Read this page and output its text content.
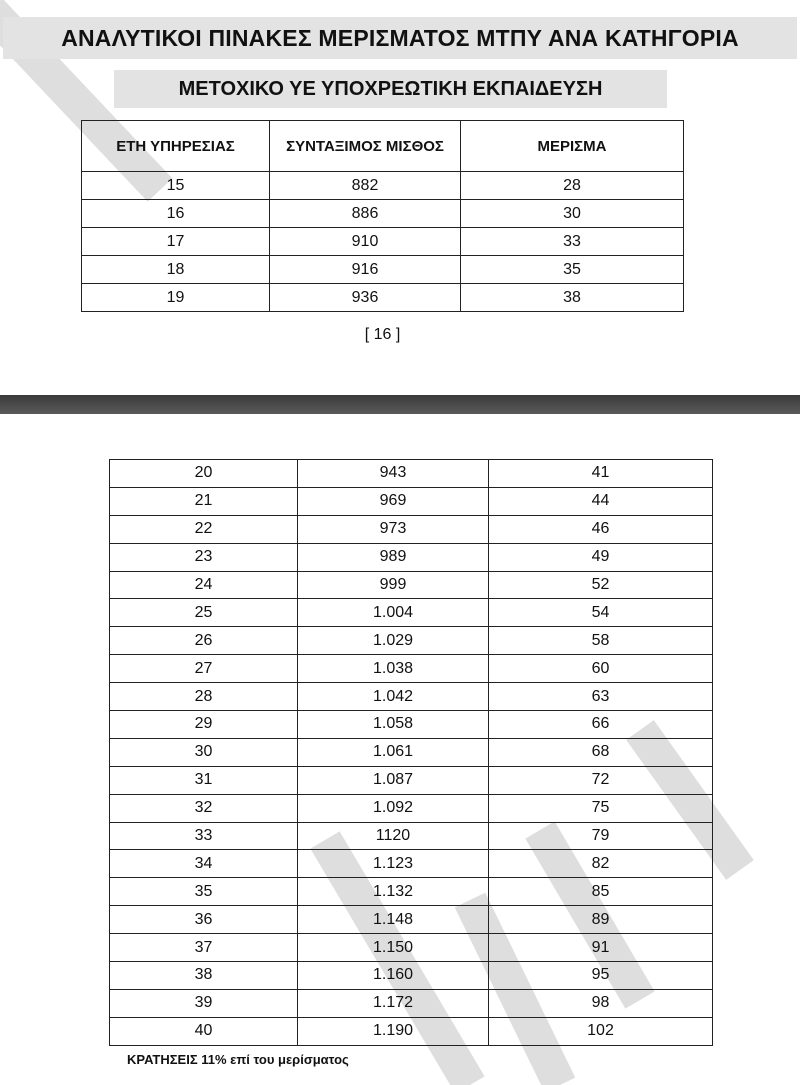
ΑΝΑΛΥΤΙΚΟΙ ΠΙΝΑΚΕΣ ΜΕΡΙΣΜΑΤΟΣ ΜΤΠΥ ΑΝΑ ΚΑΤΗΓΟΡΙΑ
ΜΕΤΟΧΙΚΟ ΥΕ ΥΠΟΧΡΕΩΤΙΚΗ ΕΚΠΑΙΔΕΥΣΗ
ΕΤΗ ΥΠΗΡΕΣΙΑΣ	ΣΥΝΤΑΞΙΜΟΣ ΜΙΣΘΟΣ	ΜΕΡΙΣΜΑ
15	882	28
16	886	30
17	910	33
18	916	35
19	936	38
[ 16 ]
20	943	41
21	969	44
22	973	46
23	989	49
24	999	52
25	1.004	54
26	1.029	58
27	1.038	60
28	1.042	63
29	1.058	66
30	1.061	68
31	1.087	72
32	1.092	75
33	1120	79
34	1.123	82
35	1.132	85
36	1.148	89
37	1.150	91
38	1.160	95
39	1.172	98
40	1.190	102
ΚΡΑΤΗΣΕΙΣ 11% επί του μερίσματος
